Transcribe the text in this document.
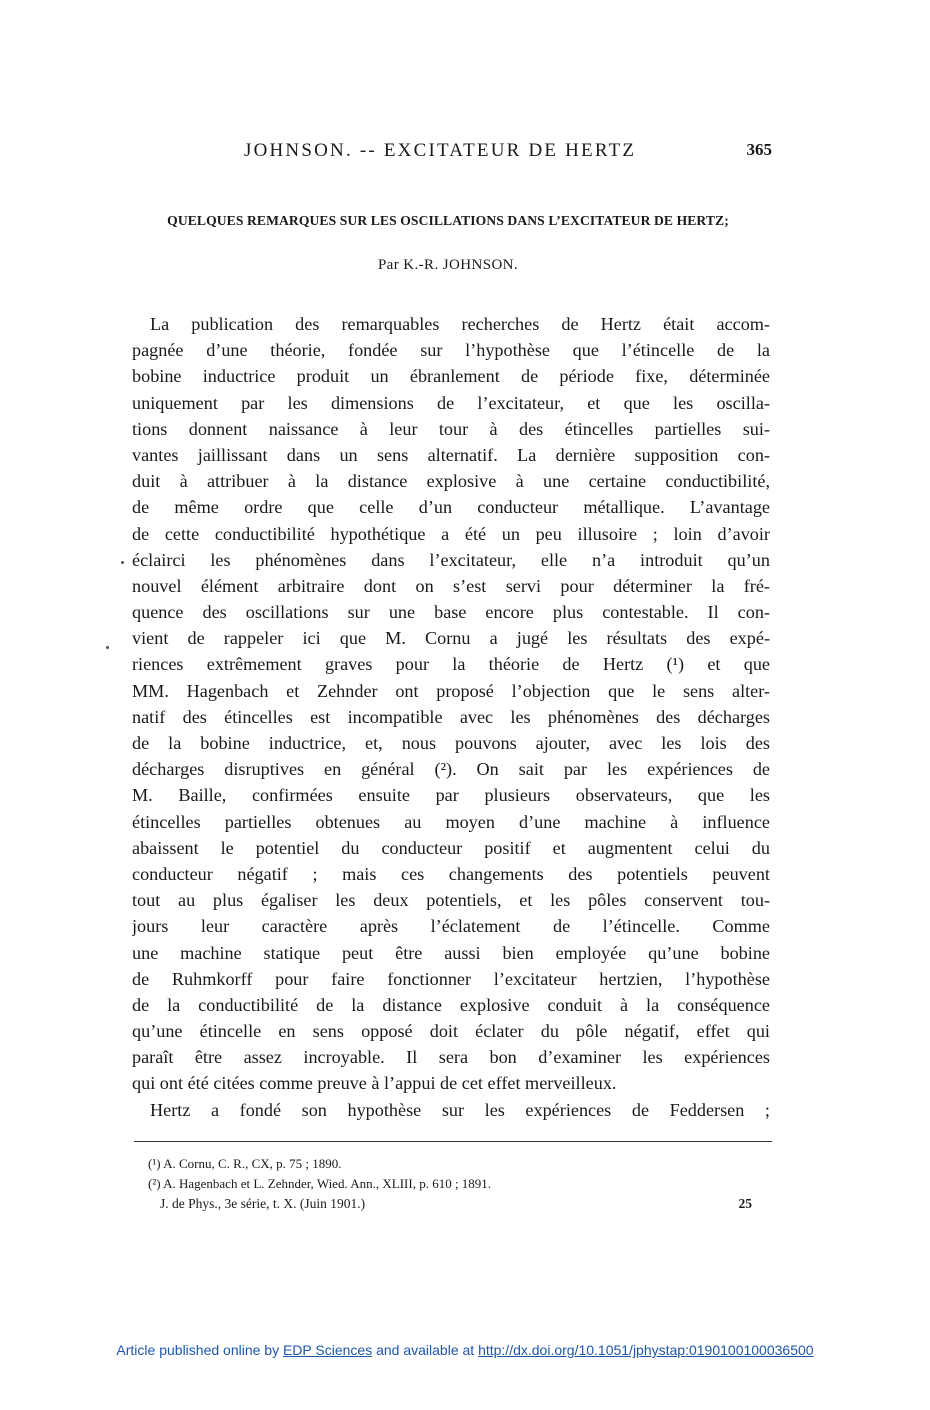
JOHNSON. -- EXCITATEUR DE HERTZ	365
QUELQUES REMARQUES SUR LES OSCILLATIONS DANS L’EXCITATEUR DE HERTZ;
Par K.-R. JOHNSON.
La publication des remarquables recherches de Hertz était accom-
pagnée d’une théorie, fondée sur l’hypothèse que l’étincelle de la
bobine inductrice produit un ébranlement de période fixe, déterminée
uniquement par les dimensions de l’excitateur, et que les oscilla-
tions donnent naissance à leur tour à des étincelles partielles sui-
vantes jaillissant dans un sens alternatif. La dernière supposition con-
duit à attribuer à la distance explosive à une certaine conductibilité,
de même ordre que celle d’un conducteur métallique. L’avantage
de cette conductibilité hypothétique a été un peu illusoire ; loin d’avoir
éclairci les phénomènes dans l’excitateur, elle n’a introduit qu’un
nouvel élément arbitraire dont on s’est servi pour déterminer la fré-
quence des oscillations sur une base encore plus contestable. Il con-
vient de rappeler ici que M. Cornu a jugé les résultats des expé-
riences extrêmement graves pour la théorie de Hertz (¹) et que
MM. Hagenbach et Zehnder ont proposé l’objection que le sens alter-
natif des étincelles est incompatible avec les phénomènes des décharges
de la bobine inductrice, et, nous pouvons ajouter, avec les lois des
décharges disruptives en général (²). On sait par les expériences de
M. Baille, confirmées ensuite par plusieurs observateurs, que les
étincelles partielles obtenues au moyen d’une machine à influence
abaissent le potentiel du conducteur positif et augmentent celui du
conducteur négatif ; mais ces changements des potentiels peuvent
tout au plus égaliser les deux potentiels, et les pôles conservent tou-
jours leur caractère après l’éclatement de l’étincelle. Comme
une machine statique peut être aussi bien employée qu’une bobine
de Ruhmkorff pour faire fonctionner l’excitateur hertzien, l’hypothèse
de la conductibilité de la distance explosive conduit à la conséquence
qu’une étincelle en sens opposé doit éclater du pôle négatif, effet qui
paraît être assez incroyable. Il sera bon d’examiner les expériences
qui ont été citées comme preuve à l’appui de cet effet merveilleux.
Hertz a fondé son hypothèse sur les expériences de Feddersen ;
(¹) A. Cornu, C. R., CX, p. 75 ; 1890.
(²) A. Hagenbach et L. Zehnder, Wied. Ann., XLIII, p. 610 ; 1891.
J. de Phys., 3e série, t. X. (Juin 1901.)	25
Article published online by EDP Sciences and available at http://dx.doi.org/10.1051/jphystap:0190100100036500
